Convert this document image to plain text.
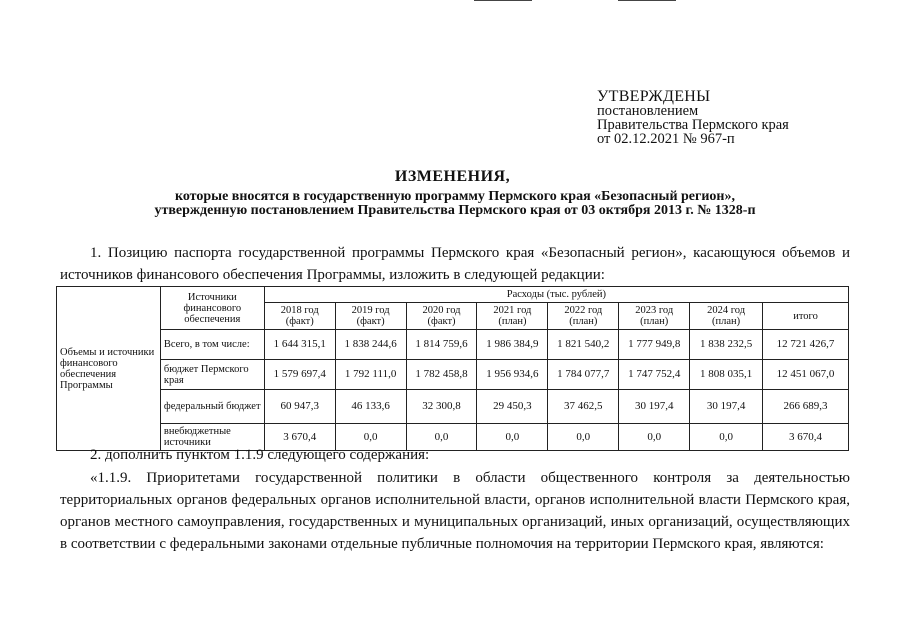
УТВЕРЖДЕНЫ
постановлением
Правительства Пермского края
от 02.12.2021 № 967-п
ИЗМЕНЕНИЯ,
которые вносятся в государственную программу Пермского края «Безопасный регион»,
утвержденную постановлением Правительства Пермского края от 03 октября 2013 г. № 1328-п
1. Позицию паспорта государственной программы Пермского края «Безопасный регион», касающуюся объемов и источников финансового обеспечения Программы, изложить в следующей редакции:
Объемы и источники финансового обеспечения Программы	Источники финансового обеспечения	Расходы (тыс. рублей)							
		2018 год (факт)	2019 год (факт)	2020 год (факт)	2021 год (план)	2022 год (план)	2023 год (план)	2024 год (план)	итого
	Всего, в том числе:	1 644 315,1	1 838 244,6	1 814 759,6	1 986 384,9	1 821 540,2	1 777 949,8	1 838 232,5	12 721 426,7
	бюджет Пермского края	1 579 697,4	1 792 111,0	1 782 458,8	1 956 934,6	1 784 077,7	1 747 752,4	1 808 035,1	12 451 067,0
	федеральный бюджет	60 947,3	46 133,6	32 300,8	29 450,3	37 462,5	30 197,4	30 197,4	266 689,3
	внебюджетные источники	3 670,4	0,0	0,0	0,0	0,0	0,0	0,0	3 670,4
2. дополнить пунктом 1.1.9 следующего содержания:
«1.1.9. Приоритетами государственной политики в области общественного контроля за деятельностью территориальных органов федеральных органов исполнительной власти, органов исполнительной власти Пермского края, органов местного самоуправления, государственных и муниципальных организаций, иных организаций, осуществляющих в соответствии с федеральными законами отдельные публичные полномочия на территории Пермского края, являются:
